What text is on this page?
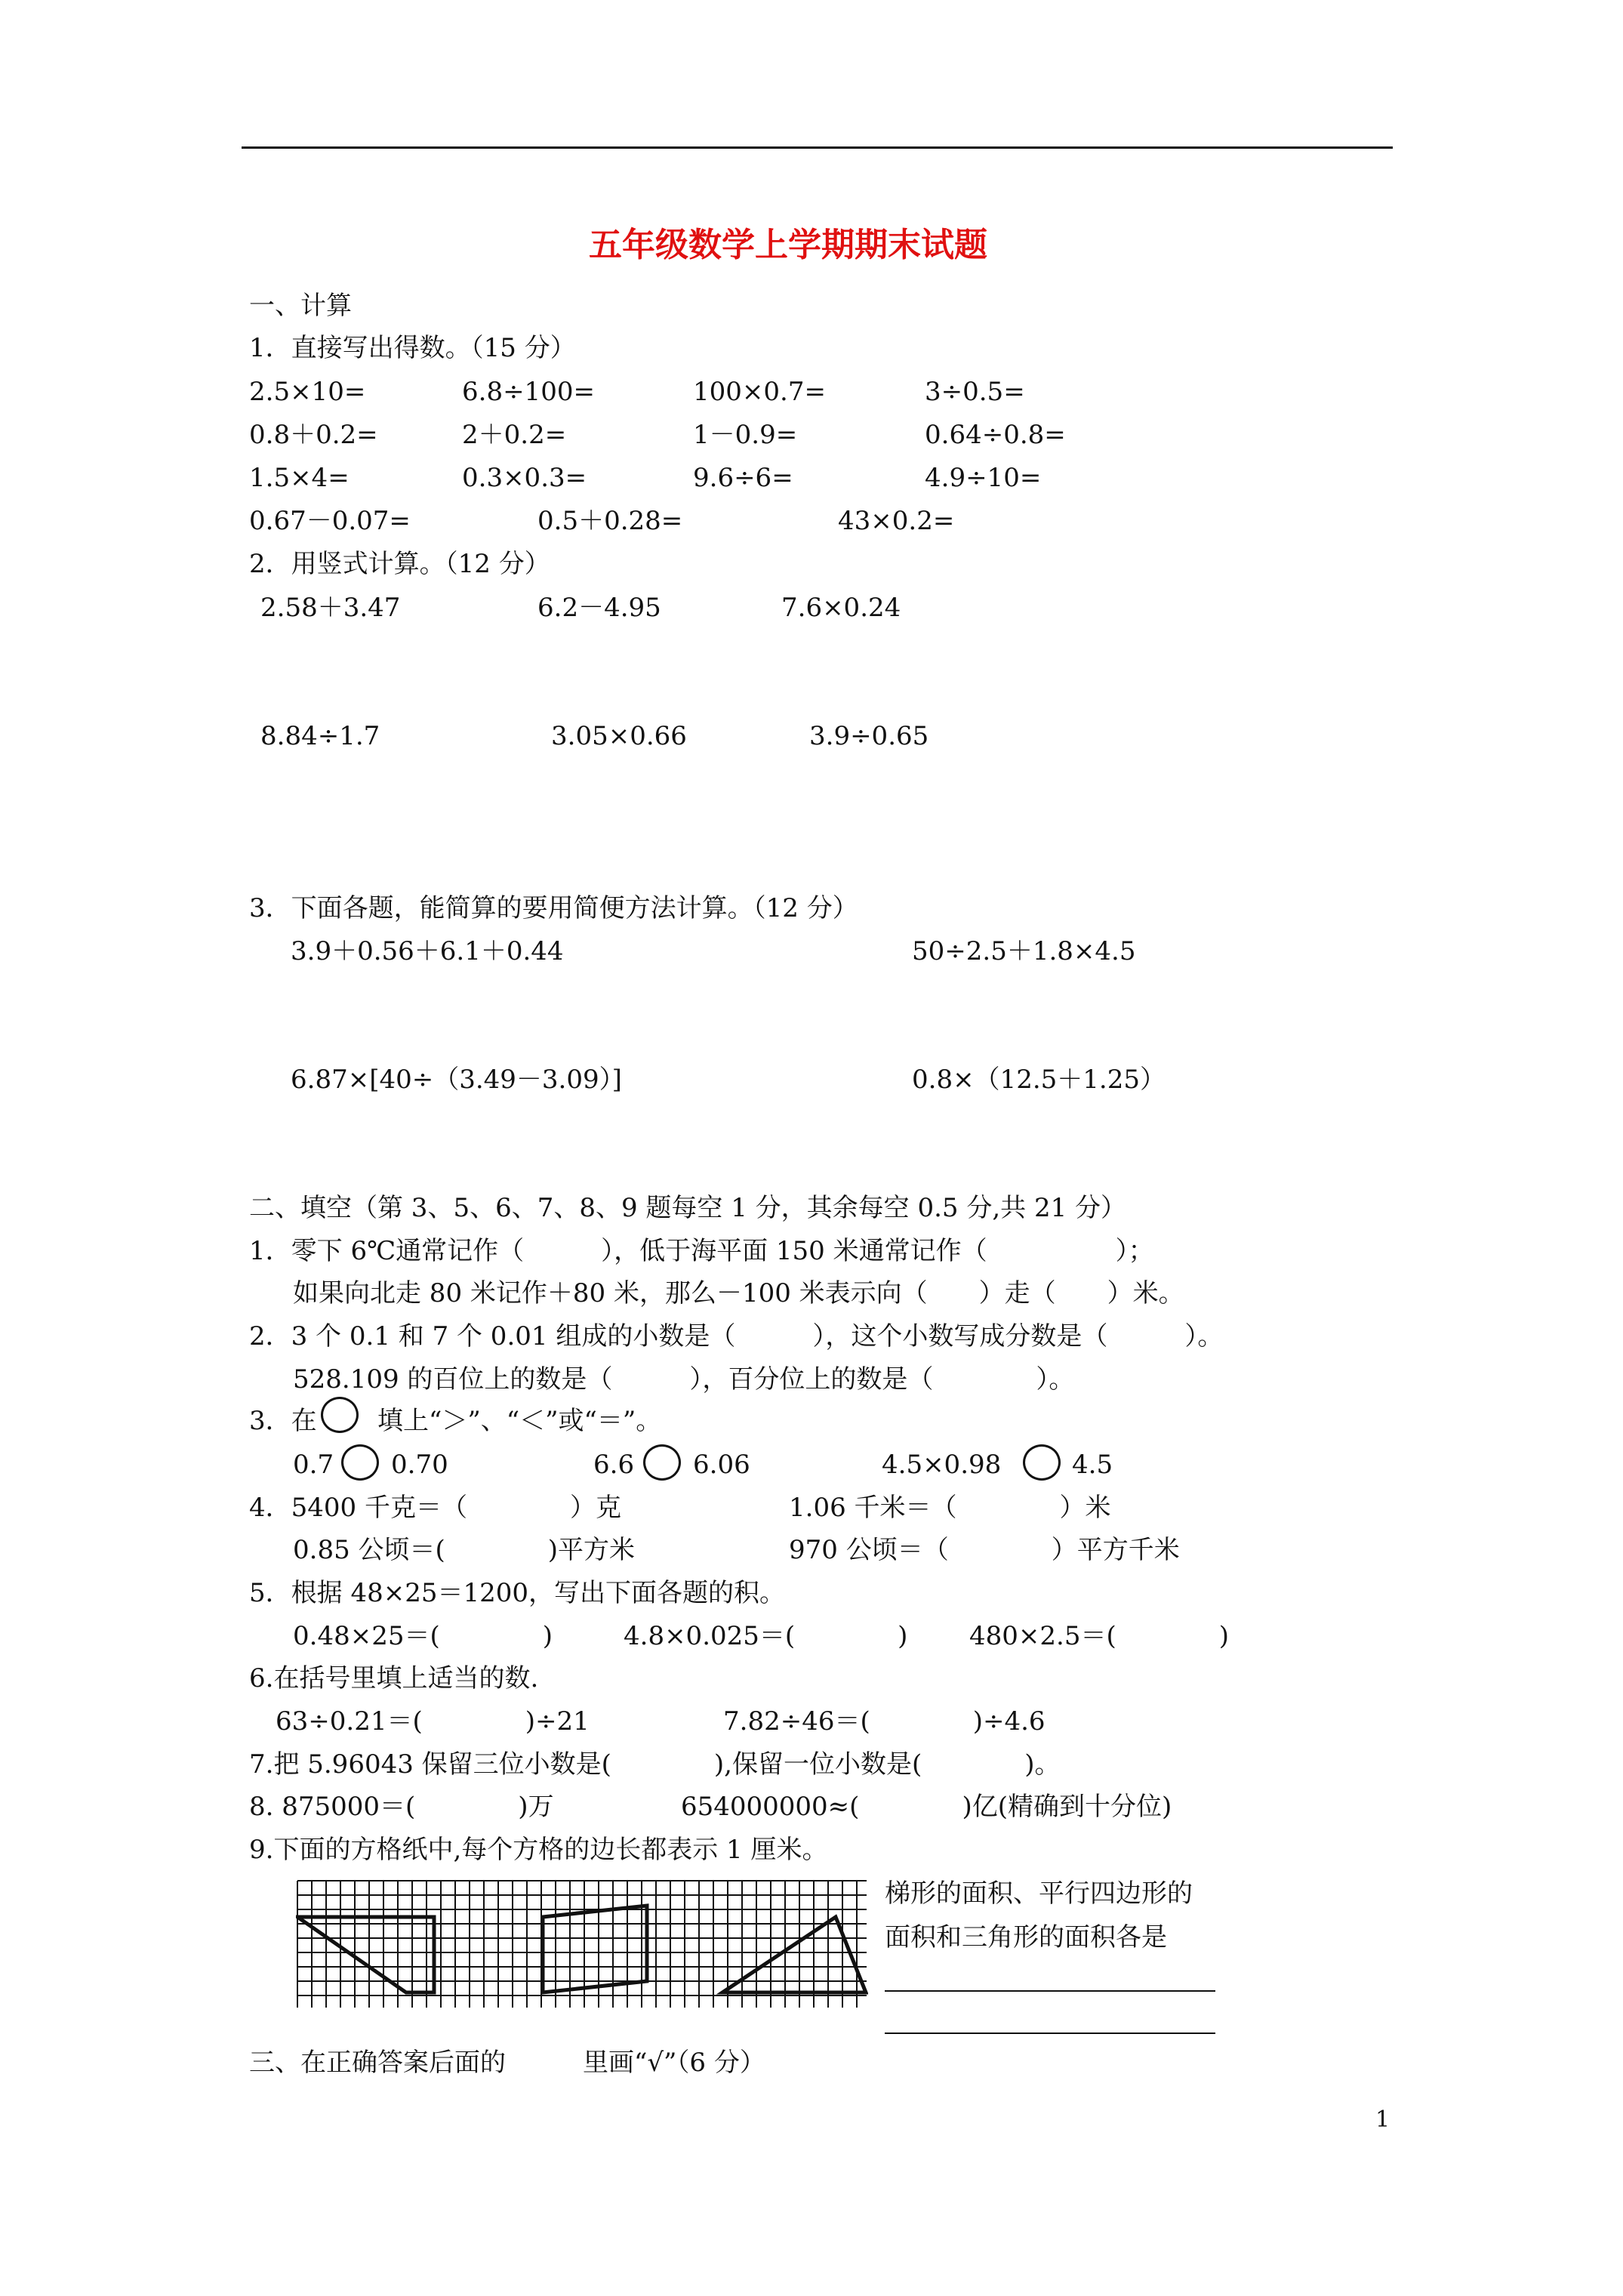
五年级数学上学期期末试题
一、计算
1．直接写出得数。（15 分）
2.5×10=	6.8÷100=	100×0.7=	3÷0.5=
0.8＋0.2=	2＋0.2=	1－0.9=	0.64÷0.8=
1.5×4=	0.3×0.3=	9.6÷6=	4.9÷10=
0.67－0.07=	0.5＋0.28=	43×0.2=
2．用竖式计算。（12 分）
2.58＋3.47	6.2－4.95	7.6×0.24
8.84÷1.7	3.05×0.66	3.9÷0.65
3．下面各题，能简算的要用简便方法计算。（12 分）
3.9＋0.56＋6.1＋0.44	50÷2.5＋1.8×4.5
6.87×[40÷（3.49－3.09）]	0.8×（12.5＋1.25）
二、填空（第 3、5、6、7、8、9 题每空 1 分，其余每空 0.5 分,共 21 分）
1．零下 6℃通常记作（　　　），低于海平面 150 米通常记作（　　　　　）；
如果向北走 80 米记作＋80 米，那么－100 米表示向（　　）走（　　）米。
2．3 个 0.1 和 7 个 0.01 组成的小数是（　　　），这个小数写成分数是（　　　）。
528.109 的百位上的数是（　　　），百分位上的数是（　　　　）。
3．在 填上“＞”、“＜”或“＝”。
0.7 0.70	6.6 6.06	4.5×0.98	4.5
4．5400 千克＝（　　　　）克	1.06 千米＝（　　　　）米
0.85 公顷＝(　　　　)平方米	970 公顷＝（　　　　）平方千米
5．根据 48×25＝1200，写出下面各题的积。
0.48×25＝(　　　　)	4.8×0.025＝(　　　　) 480×2.5＝(　　　　)
6.在括号里填上适当的数.
63÷0.21＝(　　　　)÷21	7.82÷46＝(　　　　)÷4.6
7.把 5.96043 保留三位小数是(　　　　),保留一位小数是(　　　　)。
8. 875000＝(　　　　)万	654000000≈(　　　　)亿(精确到十分位)
9.下面的方格纸中,每个方格的边长都表示 1 厘米。
梯形的面积、平行四边形的
面积和三角形的面积各是
三、在正确答案后面的　　　里画“√”（6 分）
1
